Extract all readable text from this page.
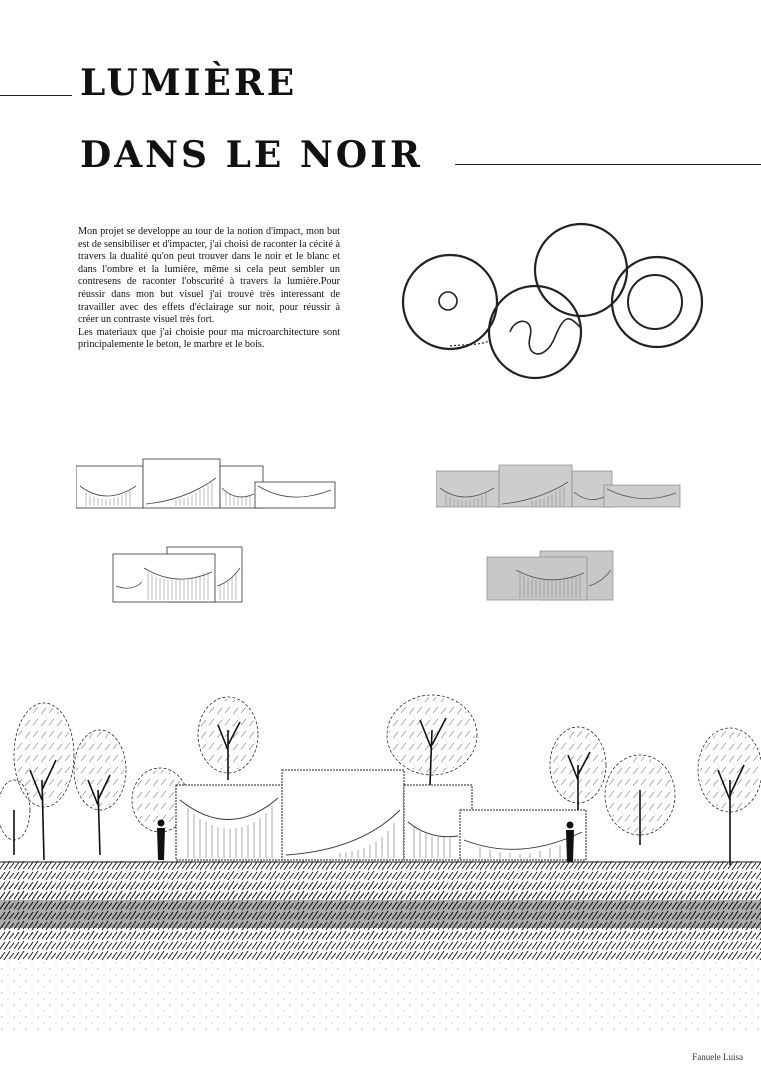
LUMIÈRE
DANS LE NOIR

Mon projet se developpe au tour de la notion d'impact, mon but est de sensibiliser et d'impacter, j'ai choisi de raconter la cécité à travers la dualité qu'on peut trouver dans le noir et le blanc et dans l'ombre et la lumière, même si cela peut sembler un contresens de raconter l'obscurité à travers la lumière.Pour réussir dans mon but visuel j'ai trouvé très interessant de travailler avec des effets d'éclairage sur noir, pour réussir à créer un contraste visuel très fort.

Les materiaux que j'ai choisie pour ma microarchitecture sont principalemente le beton, le marbre et le bois.

Fanuele Luisa
